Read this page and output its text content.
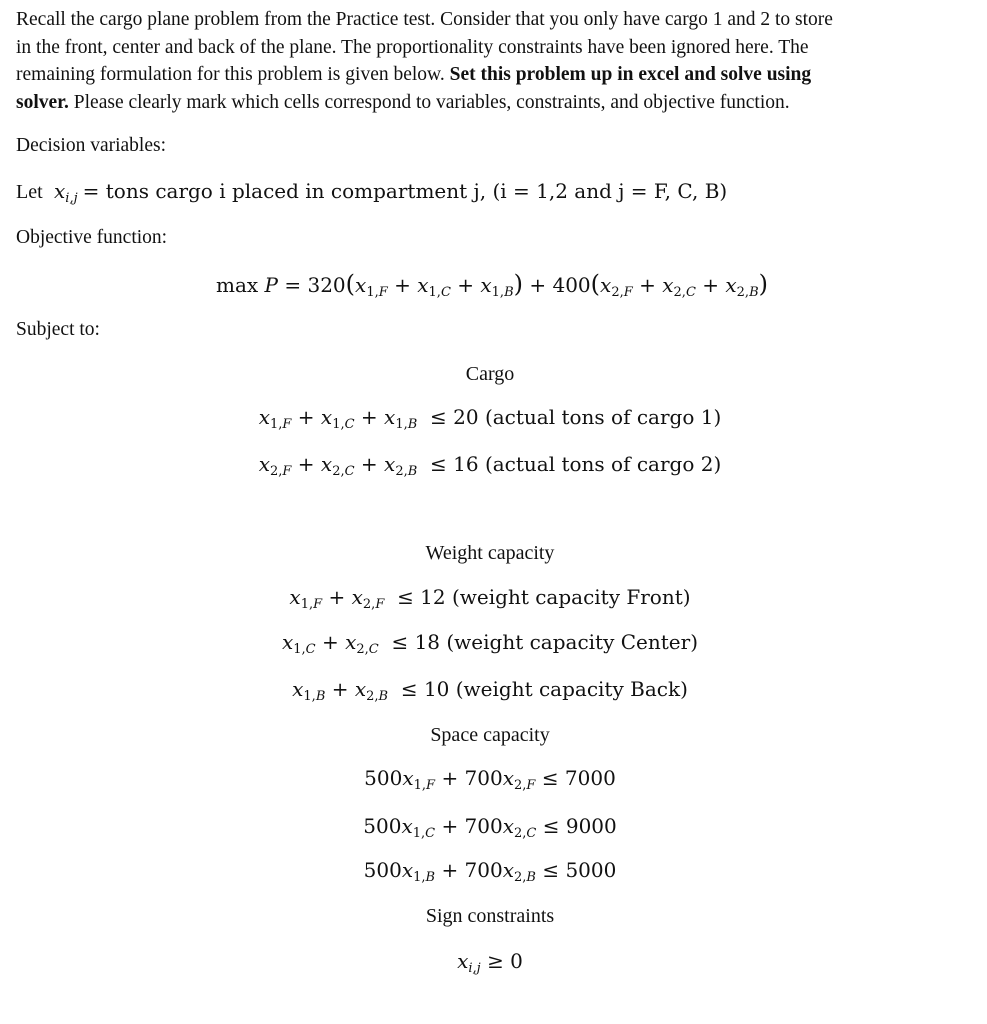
Recall the cargo plane problem from the Practice test. Consider that you only have cargo 1 and 2 to store
in the front, center and back of the plane. The proportionality constraints have been ignored here. The
remaining formulation for this problem is given below. Set this problem up in excel and solve using
solver. Please clearly mark which cells correspond to variables, constraints, and objective function.
Decision variables:
Let $x_{i,j}$ = tons cargo i placed in compartment j, (i = 1,2 and j = F, C, B)
Objective function:
$\max P = 320(x_{1,F} + x_{1,C} + x_{1,B}) + 400(x_{2,F} + x_{2,C} + x_{2,B})$
Subject to:
Cargo
$x_{1,F} + x_{1,C} + x_{1,B} \le 20$ (actual tons of cargo 1)
$x_{2,F} + x_{2,C} + x_{2,B} \le 16$ (actual tons of cargo 2)
Weight capacity
$x_{1,F} + x_{2,F} \le 12$ (weight capacity Front)
$x_{1,C} + x_{2,C} \le 18$ (weight capacity Center)
$x_{1,B} + x_{2,B} \le 10$ (weight capacity Back)
Space capacity
$500x_{1,F} + 700x_{2,F} \le 7000$
$500x_{1,C} + 700x_{2,C} \le 9000$
$500x_{1,B} + 700x_{2,B} \le 5000$
Sign constraints
$x_{i,j} \ge 0$
